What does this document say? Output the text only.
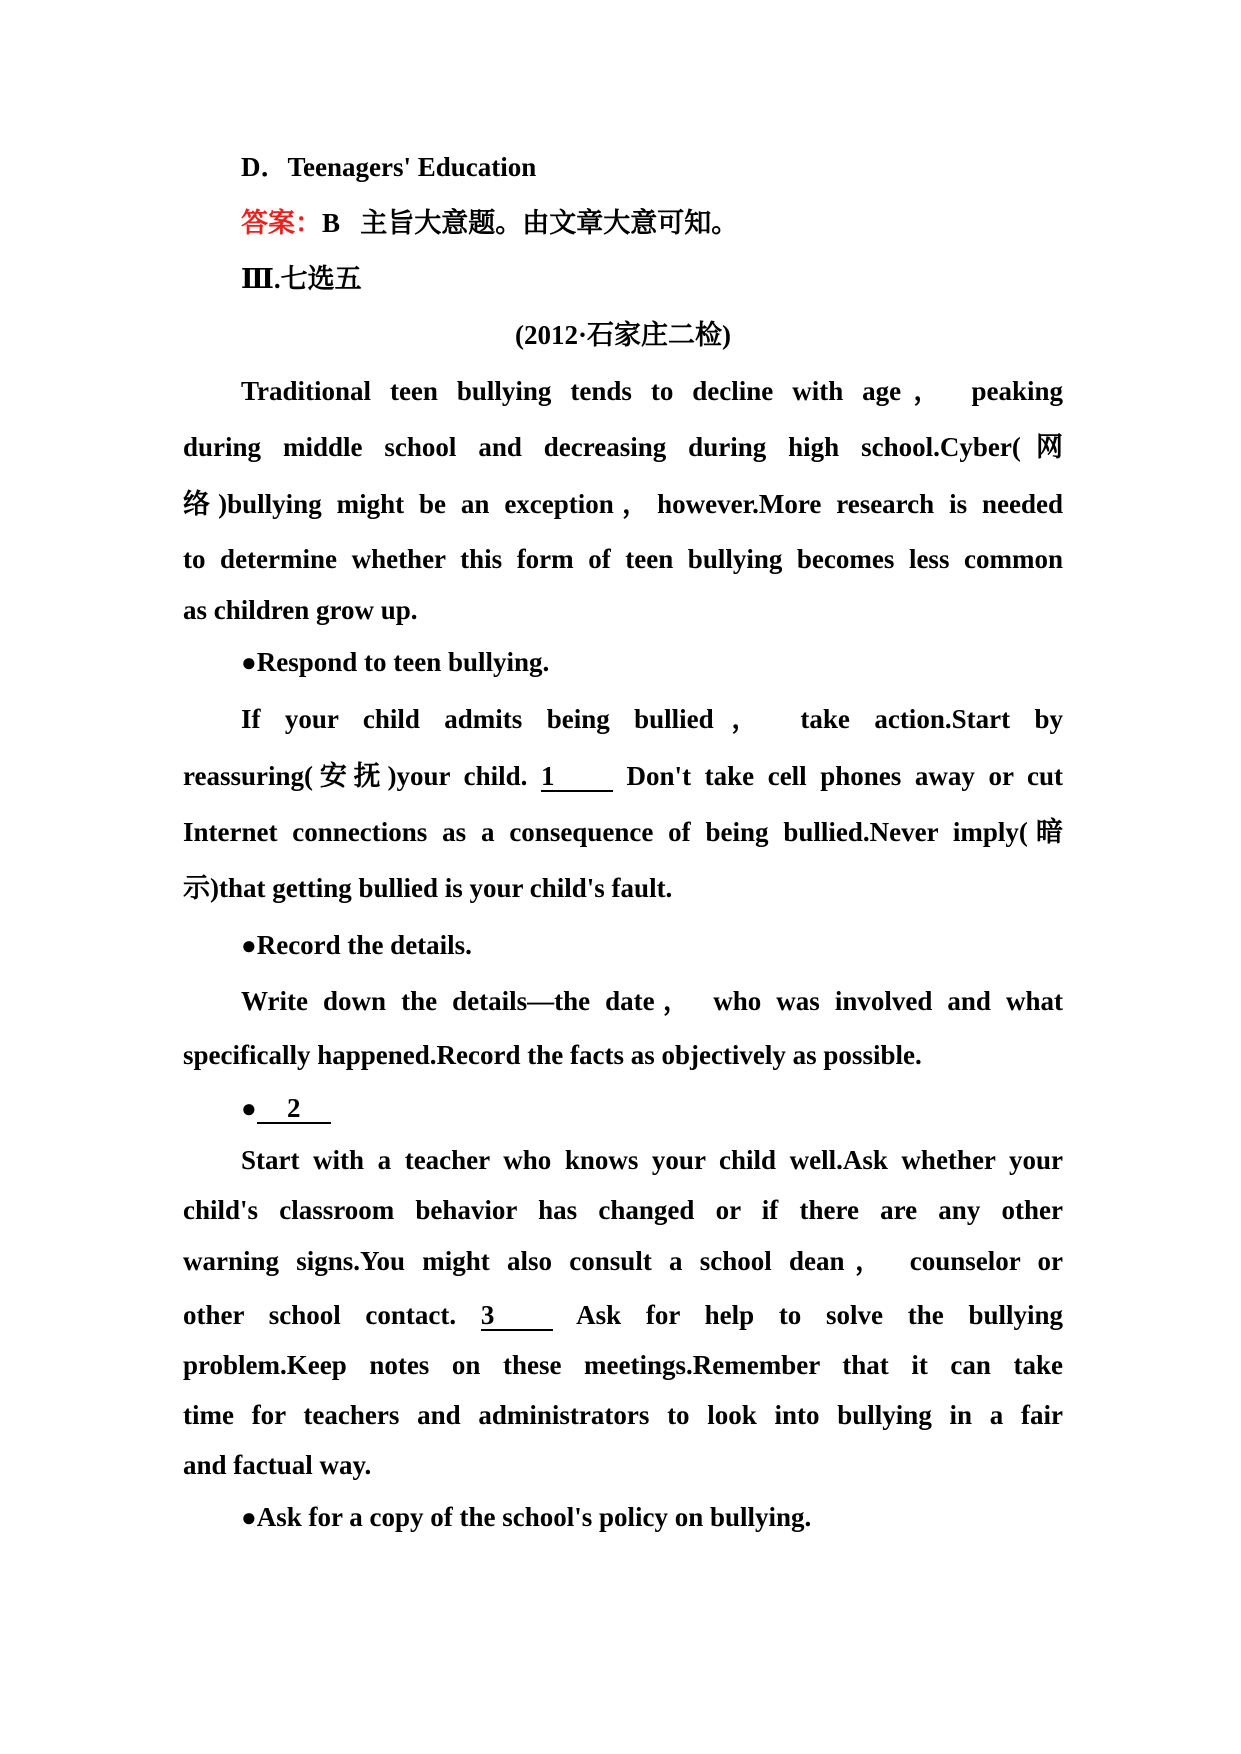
D．Teenagers' Education
答案：B 主旨大意题。由文章大意可知。
Ⅲ.七选五
(2012·石家庄二检)
Traditional teen bullying tends to decline with age， peaking
during middle school and decreasing during high school.Cyber(网
络)bullying might be an exception，however.More research is needed
to determine whether this form of teen bullying becomes less common
as children grow up.
●Respond to teen bullying.
If your child admits being bullied， take action.Start by
reassuring(安抚)your child. 1	Don't take cell phones away or cut
Internet connections as a consequence of being bullied.Never imply(暗
示)that getting bullied is your child's fault.
●Record the details.
Write down the details—the date， who was involved and what
specifically happened.Record the facts as objectively as possible.
● 2
Start with a teacher who knows your child well.Ask whether your
child's classroom behavior has changed or if there are any other
warning signs.You might also consult a school dean， counselor or
other school contact. 3	Ask for help to solve the bullying
problem.Keep notes on these meetings.Remember that it can take
time for teachers and administrators to look into bullying in a fair
and factual way.
●Ask for a copy of the school's policy on bullying.
